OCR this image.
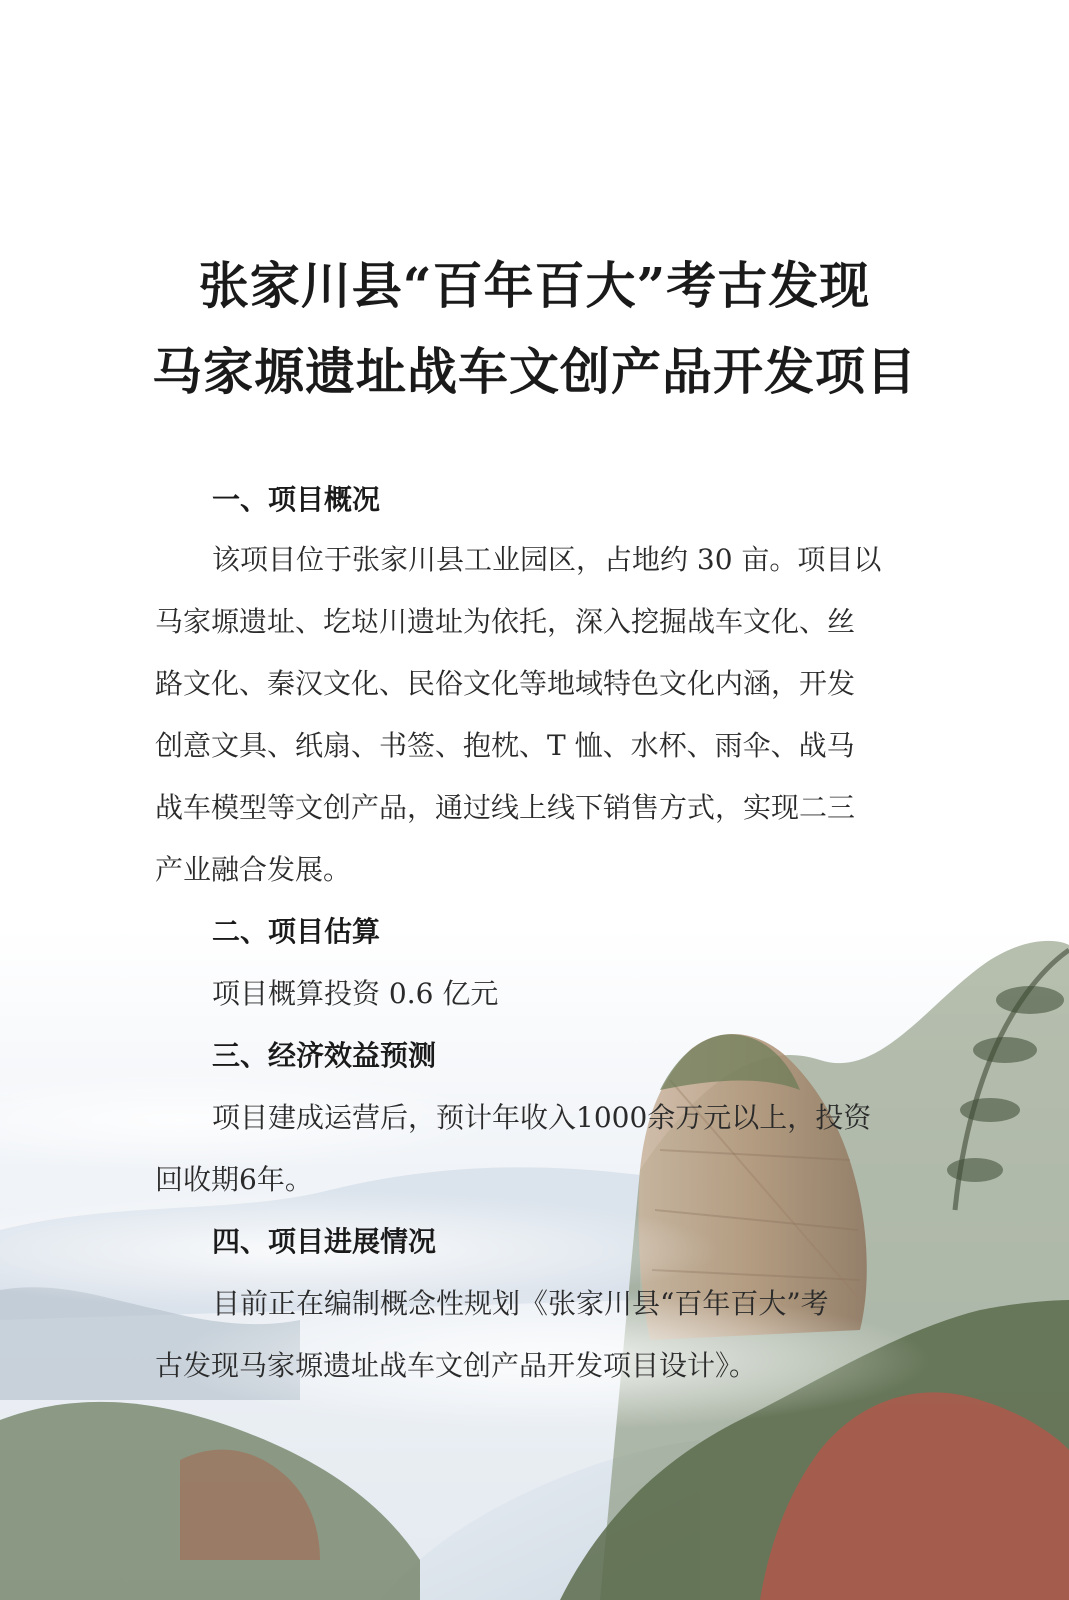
张家川县“百年百大”考古发现
马家塬遗址战车文创产品开发项目
一、项目概况
该项目位于张家川县工业园区，占地约 30 亩。项目以
马家塬遗址、圪垯川遗址为依托，深入挖掘战车文化、丝
路文化、秦汉文化、民俗文化等地域特色文化内涵，开发
创意文具、纸扇、书签、抱枕、T 恤、水杯、雨伞、战马
战车模型等文创产品，通过线上线下销售方式，实现二三
产业融合发展。
二、项目估算
项目概算投资 0.6 亿元
三、经济效益预测
项目建成运营后，预计年收入1000余万元以上，投资
回收期6年。
四、项目进展情况
目前正在编制概念性规划《张家川县“百年百大”考
古发现马家塬遗址战车文创产品开发项目设计》。
